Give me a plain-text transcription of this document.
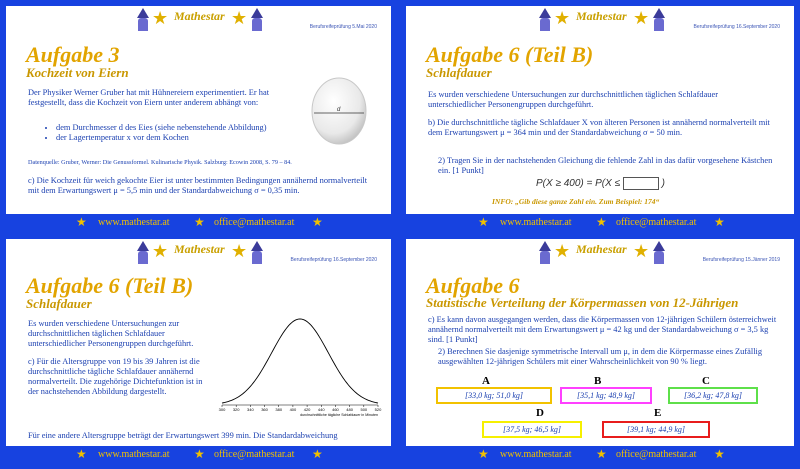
★ Mathestar ★	Berufsreifeprüfung 5.Mai 2020
Aufgabe 3
Kochzeit von Eiern
Der Physiker Werner Gruber hat mit Hühnereiern experimentiert. Er hat festgestellt, dass die Kochzeit von Eiern unter anderem abhängt von:
• dem Durchmesser d des Eies (siehe nebenstehende Abbildung)
• der Lagertemperatur x vor dem Kochen
Datenquelle: Gruber, Werner: Die Genussformel. Kulinarische Physik. Salzburg: Ecowin 2008, S. 79 – 84.
c) Die Kochzeit für weich gekochte Eier ist unter bestimmten Bedingungen annähernd normalverteilt mit dem Erwartungswert μ = 5,5 min und der Standardabweichung σ = 0,35 min.
d
★ www.mathestar.at ★ office@mathestar.at ★
★ Mathestar ★	Berufsreifeprüfung 16.September 2020
Aufgabe 6 (Teil B)
Schlafdauer
Es wurden verschiedene Untersuchungen zur durchschnittlichen täglichen Schlafdauer unterschiedlicher Personengruppen durchgeführt.
b) Die durchschnittliche tägliche Schlafdauer X von älteren Personen ist annähernd normalverteilt mit dem Erwartungswert μ = 364 min und der Standardabweichung σ = 50 min.
2) Tragen Sie in der nachstehenden Gleichung die fehlende Zahl in das dafür vorgesehene Kästchen ein. [1 Punkt]
P(X ≥ 400) = P(X ≤	)
INFO: „Gib diese ganze Zahl ein. Zum Beispiel: 174“
★ www.mathestar.at ★ office@mathestar.at ★
★ Mathestar ★	Berufsreifeprüfung 16.September 2020
Aufgabe 6 (Teil B)
Schlafdauer
Es wurden verschiedene Untersuchungen zur durchschnittlichen täglichen Schlafdauer unterschiedlicher Personengruppen durchgeführt.
c) Für die Altersgruppe von 19 bis 39 Jahren ist die durchschnittliche tägliche Schlafdauer annähernd normalverteilt. Die zugehörige Dichtefunktion ist in der nachstehenden Abbildung dargestellt.
Für eine andere Altersgruppe beträgt der Erwartungswert 399 min. Die Standardabweichung
300 320 340 360 380 400 420 440 460 480 500 520
durchschnittliche tägliche Schlafdauer in Minuten
★ www.mathestar.at ★ office@mathestar.at ★
★ Mathestar ★	Berufsreifeprüfung 15.Jänner 2019
Aufgabe 6
Statistische Verteilung der Körpermassen von 12-Jährigen
c) Es kann davon ausgegangen werden, dass die Körpermassen von 12-jährigen Schülern österreichweit annähernd normalverteilt mit dem Erwartungswert μ = 42 kg und der Standardabweichung σ = 3,5 kg sind. [1 Punkt]
2) Berechnen Sie dasjenige symmetrische Intervall um μ, in dem die Körpermasse eines Zufällig ausgewählten 12-jährigen Schülers mit einer Wahrscheinlichkeit von 90 % liegt.
A
[33,0 kg; 51,0 kg]
B
[35,1 kg; 48,9 kg]
C
[36,2 kg; 47,8 kg]
D
[37,5 kg; 46,5 kg]
E
[39,1 kg; 44,9 kg]
★ www.mathestar.at ★ office@mathestar.at ★
